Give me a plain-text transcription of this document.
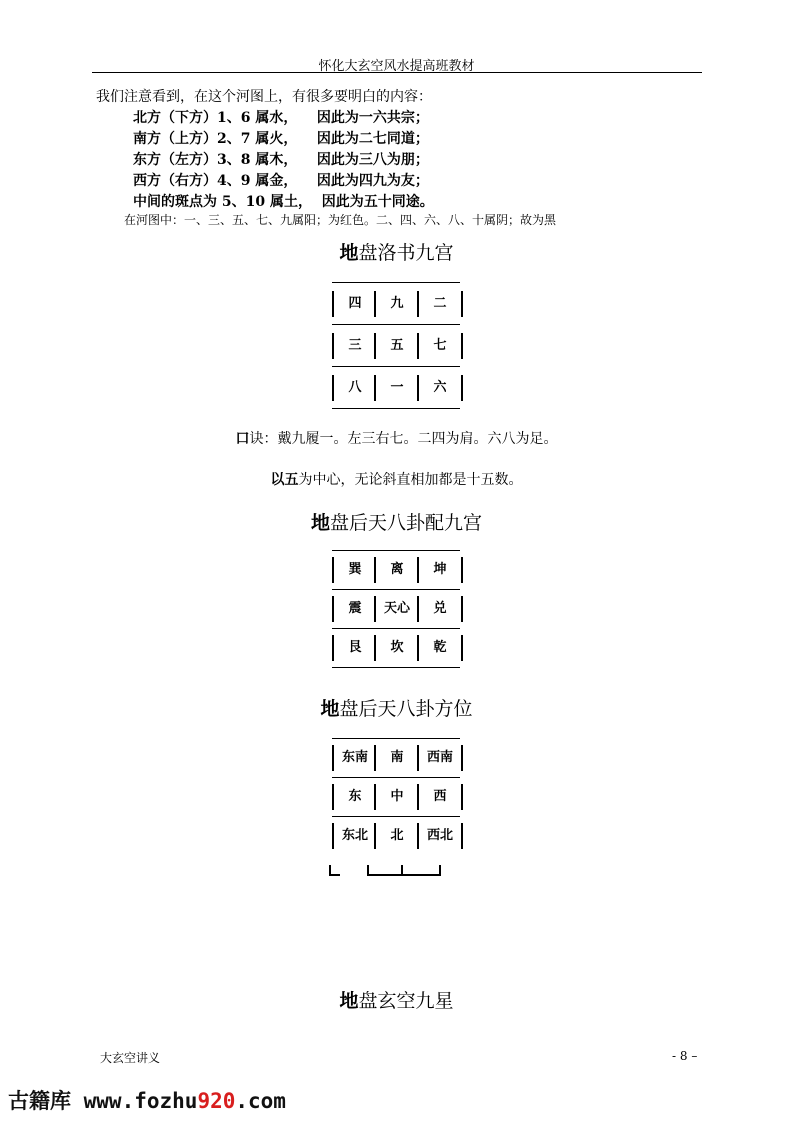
怀化大玄空风水提高班教材
我们注意看到，在这个河图上，有很多要明白的内容：
北方（下方）1、6 属水，    因此为一六共宗；
南方（上方）2、7 属火，    因此为二七同道；
东方（左方）3、8 属木，    因此为三八为朋；
西方（右方）4、9 属金，    因此为四九为友；
中间的斑点为 5、10 属土，  因此为五十同途。
在河图中：一、三、五、七、九属阳；为红色。二、四、六、八、十属阴；故为黑
地盘洛书九宫
四	九	二
三	五	七
八	一	六
口诀：戴九履一。左三右七。二四为肩。六八为足。
以五为中心，无论斜直相加都是十五数。
地盘后天八卦配九宫
巽	离	坤
震	天心	兑
艮	坎	乾
地盘后天八卦方位
东南	南	西南
东	中	西
东北	北	西北
地盘玄空九星
大玄空讲义	- 8 –
古籍库 www.fozhu920.com
